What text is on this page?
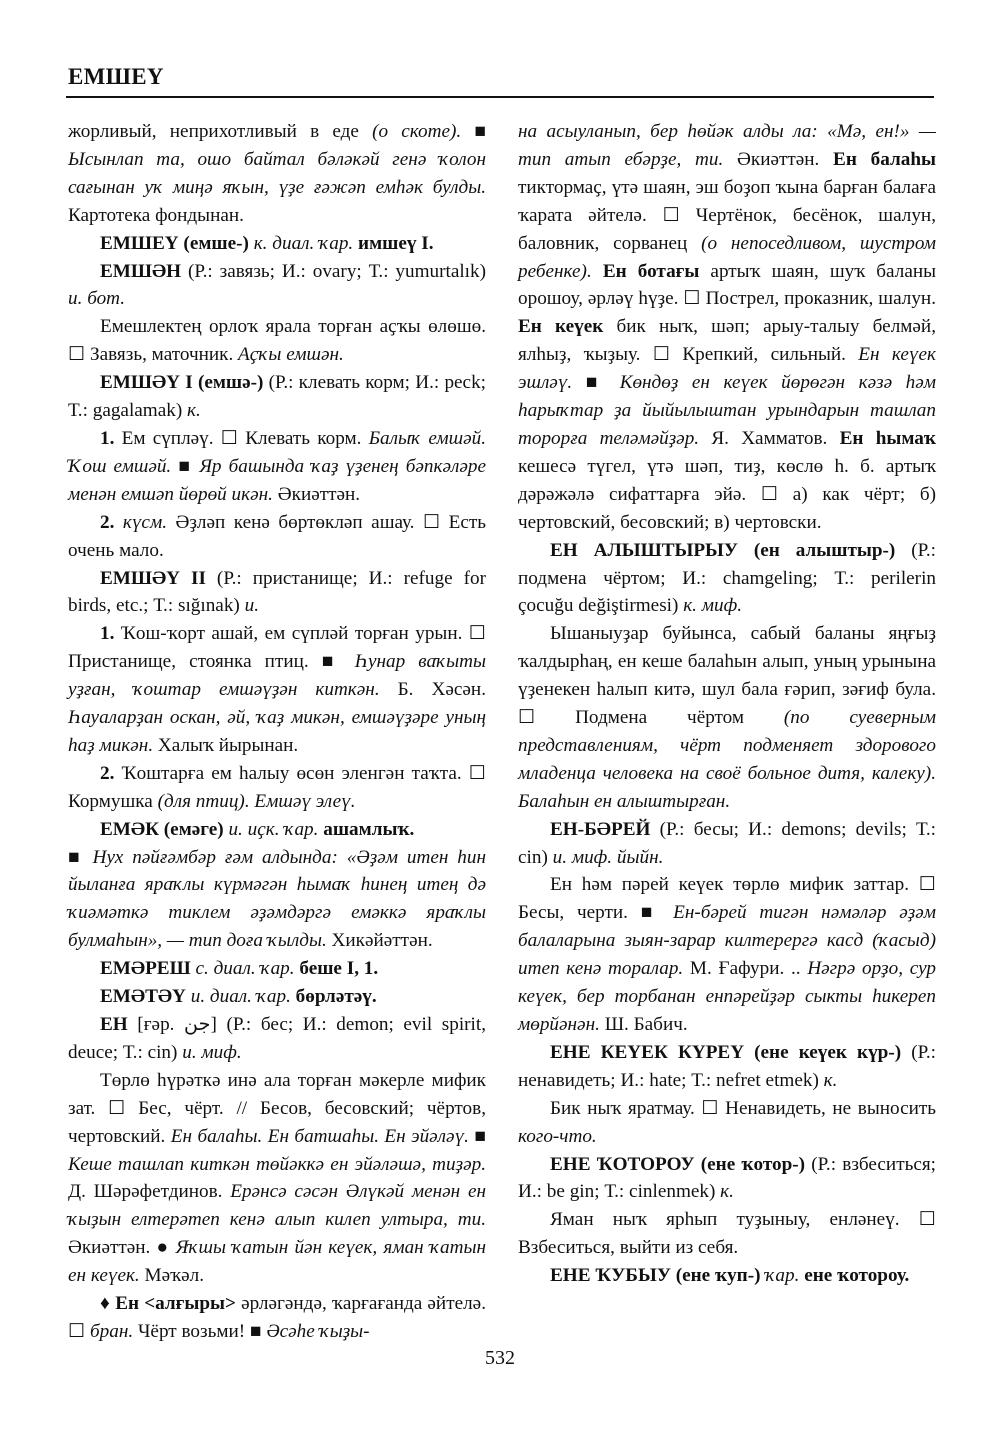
ЕМШЕҮ

жорливый, неприхотливый в еде (о скоте). ■ Ысынлап та, ошо байтал бәләкәй генә ҡолон сағынан уҡ миңә яҡын, үҙе ғәжәп емһәк булды. Картотека фондынан.

ЕМШЕҮ (емше-) к. диал. ҡар. имшеү I.

ЕМШӘН (Р.: завязь; И.: ovary; Т.: yumurtalık) и. бот.

Емешлектең орлоҡ ярала торған аҫҡы өлөшө. ☐ Завязь, маточник. Аҫҡы емшән.

ЕМШӘҮ I (емшә-) (Р.: клевать корм; И.: peck; Т.: gagalamak) к.

1. Ем сүпләү. ☐ Клевать корм. Балыҡ емшәй. Ҡош емшәй. ■ Яр башында ҡаҙ үҙенең бәпкәләре менән емшәп йөрөй икән. Әкиәттән.

2. күсм. Әҙләп кенә бөртөкләп ашау. ☐ Есть очень мало.

ЕМШӘҮ II (Р.: пристанище; И.: refuge for birds, etc.; Т.: sığınak) и.

1. Ҡош-ҡорт ашай, ем сүпләй торған урын. ☐ Пристанище, стоянка птиц. ■ Һунар ваҡыты уҙған, ҡоштар емшәүҙән киткән. Б. Хәсән. Һауаларҙан оскан, әй, ҡаҙ микән, емшәүҙәре уның һаҙ микән. Халыҡ йырынан.

2. Ҡоштарға ем һалыу өсөн эленгән таҡта. ☐ Кормушка (для птиц). Емшәү элеү.

ЕМӘК (емәге) и. иҫк. ҡар. ашамлыҡ.

■ Нух пәйғәмбәр ғәм алдында: «Әҙәм итен һин йыланға яраҡлы күрмәгән һымаҡ һинең итең дә ҡиәмәткә тиклем әҙәмдәргә емәккә яраҡлы булмаһын», — тип доға ҡылды. Хикәйәттән.

ЕМӘРЕШ с. диал. ҡар. беше I, 1.

ЕМӘТӘҮ и. диал. ҡар. бөрләтәү.

ЕН [ғәр. جن] (Р.: бес; И.: demon; evil spirit, deuce; Т.: cin) и. миф.

Төрлө һүрәткә инә ала торған мәкерле мифик зат. ☐ Бес, чёрт. // Бесов, бесовский; чёртов, чертовский. Ен балаһы. Ен батшаһы. Ен эйәләү. ■ Кеше ташлап киткән төйәккә ен эйәләшә, тиҙәр. Д. Шәрәфетдинов. Ерәнсә сәсән Әлүкәй менән ен ҡыҙын елтерәтеп кенә алып килеп ултыра, ти. Әкиәттән. ● Яҡшы ҡатын йән кеүек, яман ҡатын ен кеүек. Мәҡәл.

♦ Ен <алғыры> әрләгәндә, ҡарғағанда әйтелә. ☐ бран. Чёрт возьми! ■ Әсәһе ҡыҙы-

на асыуланып, бер һөйәк алды ла: «Мә, ен!» — тип атып ебәрҙе, ти. Әкиәттән. Ен балаһы тиктормаҫ, үтә шаян, эш боҙоп ҡына барған балаға ҡарата әйтелә. ☐ Чертёнок, бесёнок, шалун, баловник, сорванец (о непоседливом, шустром ребенке). Ен ботағы артыҡ шаян, шуҡ баланы орошоу, әрләү һүҙе. ☐ Пострел, проказник, шалун. Ен кеүек бик ныҡ, шәп; арыу-талыу белмәй, ялһыҙ, ҡыҙыу. ☐ Крепкий, сильный. Ен кеүек эшләү. ■ Көндөҙ ен кеүек йөрөгән кәзә һәм һарыҡтар ҙа йыйылыштан урындарын ташлап торорға теләмәйҙәр. Я. Хамматов. Ен һымаҡ кешесә түгел, үтә шәп, тиҙ, көслө һ. б. артыҡ дәрәжәлә сифаттарға эйә. ☐ а) как чёрт; б) чертовский, бесовский; в) чертовски.

ЕН АЛЫШТЫРЫУ (ен алыштыр-) (Р.: подмена чёртом; И.: chamgeling; Т.: perilerin çocuğu değiştirmesi) к. миф.

Ышаныуҙар буйынса, сабый баланы яңғыҙ ҡалдырһаң, ен кеше балаһын алып, уның урынына үҙенекен һалып китә, шул бала ғәрип, зәғиф була. ☐ Подмена чёртом (по суеверным представлениям, чёрт подменяет здорового младенца человека на своё больное дитя, калеку). Балаһын ен алыштырған.

ЕН-БӘРЕЙ (Р.: бесы; И.: demons; devils; Т.: cin) и. миф. йыйн.

Ен һәм пәрей кеүек төрлө мифик заттар. ☐ Бесы, черти. ■ Ен-бәрей тигән нәмәләр әҙәм балаларына зыян-зарар килтерергә касд (ҡасыд) итеп кенә торалар. М. Ғафури. .. Нәгрә орҙо, сур кеүек, бер торбанан енпәрейҙәр сыкты һикереп мөрйәнән. Ш. Бабич.

ЕНЕ КЕҮЕК КҮРЕҮ (ене кеүек күр-) (Р.: ненавидеть; И.: hate; Т.: nefret etmek) к.

Бик ныҡ яратмау. ☐ Ненавидеть, не выносить кого-что.

ЕНЕ ҠОТОРОУ (ене ҡотор-) (Р.: взбеситься; И.: be gin; Т.: cinlenmek) к.

Яман ныҡ ярһып туҙыныу, енләнеү. ☐ Взбеситься, выйти из себя.

ЕНЕ ҠУБЫУ (ене ҡуп-) ҡар. ене ҡотороу.

532
